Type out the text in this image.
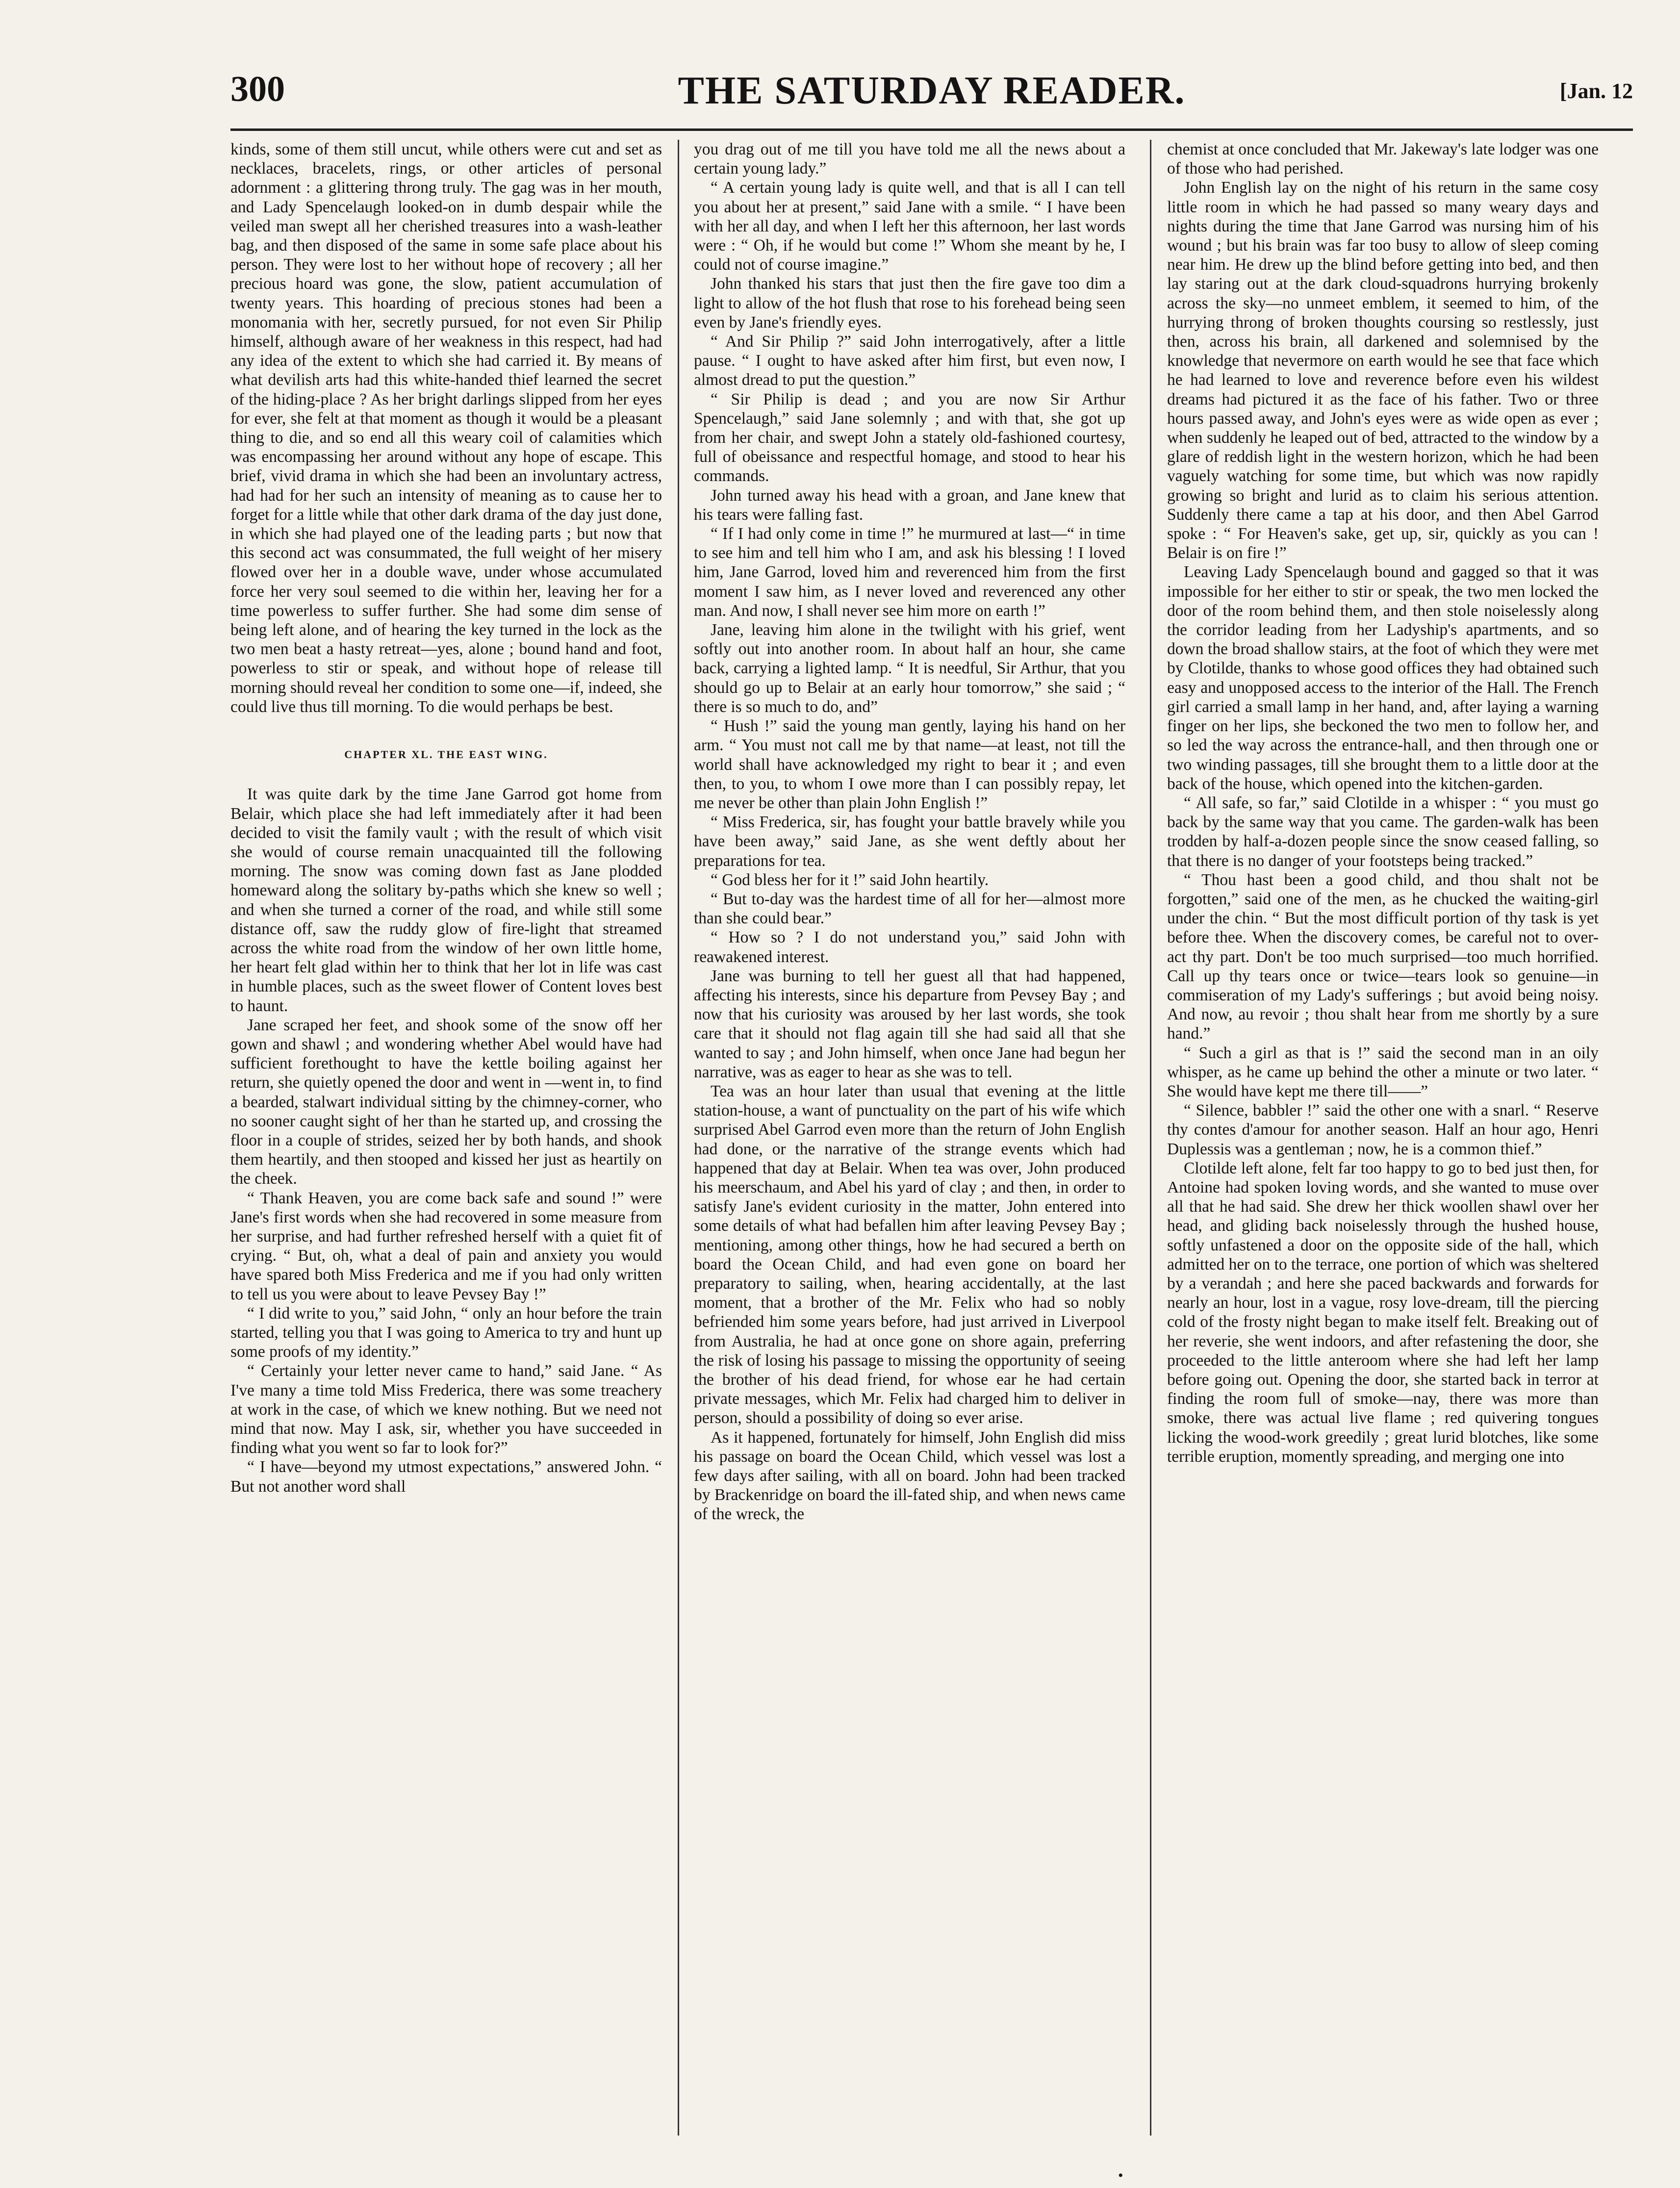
300	THE SATURDAY READER.	[Jan. 12

kinds, some of them still uncut, while others were cut and set as necklaces, bracelets, rings, or other articles of personal adornment : a glittering throng truly. The gag was in her mouth, and Lady Spencelaugh looked-on in dumb despair while the veiled man swept all her cherished treasures into a wash-leather bag, and then disposed of the same in some safe place about his person. They were lost to her without hope of recovery ; all her precious hoard was gone, the slow, patient accumulation of twenty years. This hoarding of precious stones had been a monomania with her, secretly pursued, for not even Sir Philip himself, although aware of her weakness in this respect, had had any idea of the extent to which she had carried it. By means of what devilish arts had this white-handed thief learned the secret of the hiding-place ? As her bright darlings slipped from her eyes for ever, she felt at that moment as though it would be a pleasant thing to die, and so end all this weary coil of calamities which was encompassing her around without any hope of escape. This brief, vivid drama in which she had been an involuntary actress, had had for her such an intensity of meaning as to cause her to forget for a little while that other dark drama of the day just done, in which she had played one of the leading parts ; but now that this second act was consummated, the full weight of her misery flowed over her in a double wave, under whose accumulated force her very soul seemed to die within her, leaving her for a time powerless to suffer further. She had some dim sense of being left alone, and of hearing the key turned in the lock as the two men beat a hasty retreat—yes, alone ; bound hand and foot, powerless to stir or speak, and without hope of release till morning should reveal her condition to some one—if, indeed, she could live thus till morning. To die would perhaps be best.

CHAPTER XL. THE EAST WING.

It was quite dark by the time Jane Garrod got home from Belair, which place she had left immediately after it had been decided to visit the family vault ; with the result of which visit she would of course remain unacquainted till the following morning. The snow was coming down fast as Jane plodded homeward along the solitary by-paths which she knew so well ; and when she turned a corner of the road, and while still some distance off, saw the ruddy glow of fire-light that streamed across the white road from the window of her own little home, her heart felt glad within her to think that her lot in life was cast in humble places, such as the sweet flower of Content loves best to haunt.

Jane scraped her feet, and shook some of the snow off her gown and shawl ; and wondering whether Abel would have had sufficient forethought to have the kettle boiling against her return, she quietly opened the door and went in —went in, to find a bearded, stalwart individual sitting by the chimney-corner, who no sooner caught sight of her than he started up, and crossing the floor in a couple of strides, seized her by both hands, and shook them heartily, and then stooped and kissed her just as heartily on the cheek.

“ Thank Heaven, you are come back safe and sound !” were Jane's first words when she had recovered in some measure from her surprise, and had further refreshed herself with a quiet fit of crying. “ But, oh, what a deal of pain and anxiety you would have spared both Miss Frederica and me if you had only written to tell us you were about to leave Pevsey Bay !”

“ I did write to you,” said John, “ only an hour before the train started, telling you that I was going to America to try and hunt up some proofs of my identity.”

“ Certainly your letter never came to hand,” said Jane. “ As I've many a time told Miss Frederica, there was some treachery at work in the case, of which we knew nothing. But we need not mind that now. May I ask, sir, whether you have succeeded in finding what you went so far to look for?”

“ I have—beyond my utmost expectations,” answered John. “ But not another word shall

you drag out of me till you have told me all the news about a certain young lady.”

“ A certain young lady is quite well, and that is all I can tell you about her at present,” said Jane with a smile. “ I have been with her all day, and when I left her this afternoon, her last words were : “ Oh, if he would but come !” Whom she meant by he, I could not of course imagine.”

John thanked his stars that just then the fire gave too dim a light to allow of the hot flush that rose to his forehead being seen even by Jane's friendly eyes.

“ And Sir Philip ?” said John interrogatively, after a little pause. “ I ought to have asked after him first, but even now, I almost dread to put the question.”

“ Sir Philip is dead ; and you are now Sir Arthur Spencelaugh,” said Jane solemnly ; and with that, she got up from her chair, and swept John a stately old-fashioned courtesy, full of obeissance and respectful homage, and stood to hear his commands.

John turned away his head with a groan, and Jane knew that his tears were falling fast.

“ If I had only come in time !” he murmured at last—“ in time to see him and tell him who I am, and ask his blessing ! I loved him, Jane Garrod, loved him and reverenced him from the first moment I saw him, as I never loved and reverenced any other man. And now, I shall never see him more on earth !”

Jane, leaving him alone in the twilight with his grief, went softly out into another room. In about half an hour, she came back, carrying a lighted lamp. “ It is needful, Sir Arthur, that you should go up to Belair at an early hour tomorrow,” she said ; “ there is so much to do, and”

“ Hush !” said the young man gently, laying his hand on her arm. “ You must not call me by that name—at least, not till the world shall have acknowledged my right to bear it ; and even then, to you, to whom I owe more than I can possibly repay, let me never be other than plain John English !”

“ Miss Frederica, sir, has fought your battle bravely while you have been away,” said Jane, as she went deftly about her preparations for tea.

“ God bless her for it !” said John heartily.

“ But to-day was the hardest time of all for her—almost more than she could bear.”

“ How so ? I do not understand you,” said John with reawakened interest.

Jane was burning to tell her guest all that had happened, affecting his interests, since his departure from Pevsey Bay ; and now that his curiosity was aroused by her last words, she took care that it should not flag again till she had said all that she wanted to say ; and John himself, when once Jane had begun her narrative, was as eager to hear as she was to tell.

Tea was an hour later than usual that evening at the little station-house, a want of punctuality on the part of his wife which surprised Abel Garrod even more than the return of John English had done, or the narrative of the strange events which had happened that day at Belair. When tea was over, John produced his meerschaum, and Abel his yard of clay ; and then, in order to satisfy Jane's evident curiosity in the matter, John entered into some details of what had befallen him after leaving Pevsey Bay ; mentioning, among other things, how he had secured a berth on board the Ocean Child, and had even gone on board her preparatory to sailing, when, hearing accidentally, at the last moment, that a brother of the Mr. Felix who had so nobly befriended him some years before, had just arrived in Liverpool from Australia, he had at once gone on shore again, preferring the risk of losing his passage to missing the opportunity of seeing the brother of his dead friend, for whose ear he had certain private messages, which Mr. Felix had charged him to deliver in person, should a possibility of doing so ever arise.

As it happened, fortunately for himself, John English did miss his passage on board the Ocean Child, which vessel was lost a few days after sailing, with all on board. John had been tracked by Brackenridge on board the ill-fated ship, and when news came of the wreck, the

chemist at once concluded that Mr. Jakeway's late lodger was one of those who had perished.

John English lay on the night of his return in the same cosy little room in which he had passed so many weary days and nights during the time that Jane Garrod was nursing him of his wound ; but his brain was far too busy to allow of sleep coming near him. He drew up the blind before getting into bed, and then lay staring out at the dark cloud-squadrons hurrying brokenly across the sky—no unmeet emblem, it seemed to him, of the hurrying throng of broken thoughts coursing so restlessly, just then, across his brain, all darkened and solemnised by the knowledge that nevermore on earth would he see that face which he had learned to love and reverence before even his wildest dreams had pictured it as the face of his father. Two or three hours passed away, and John's eyes were as wide open as ever ; when suddenly he leaped out of bed, attracted to the window by a glare of reddish light in the western horizon, which he had been vaguely watching for some time, but which was now rapidly growing so bright and lurid as to claim his serious attention. Suddenly there came a tap at his door, and then Abel Garrod spoke : “ For Heaven's sake, get up, sir, quickly as you can ! Belair is on fire !”

Leaving Lady Spencelaugh bound and gagged so that it was impossible for her either to stir or speak, the two men locked the door of the room behind them, and then stole noiselessly along the corridor leading from her Ladyship's apartments, and so down the broad shallow stairs, at the foot of which they were met by Clotilde, thanks to whose good offices they had obtained such easy and unopposed access to the interior of the Hall. The French girl carried a small lamp in her hand, and, after laying a warning finger on her lips, she beckoned the two men to follow her, and so led the way across the entrance-hall, and then through one or two winding passages, till she brought them to a little door at the back of the house, which opened into the kitchen-garden.

“ All safe, so far,” said Clotilde in a whisper : “ you must go back by the same way that you came. The garden-walk has been trodden by half-a-dozen people since the snow ceased falling, so that there is no danger of your footsteps being tracked.”

“ Thou hast been a good child, and thou shalt not be forgotten,” said one of the men, as he chucked the waiting-girl under the chin. “ But the most difficult portion of thy task is yet before thee. When the discovery comes, be careful not to over-act thy part. Don't be too much surprised—too much horrified. Call up thy tears once or twice—tears look so genuine—in commiseration of my Lady's sufferings ; but avoid being noisy. And now, au revoir ; thou shalt hear from me shortly by a sure hand.”

“ Such a girl as that is !” said the second man in an oily whisper, as he came up behind the other a minute or two later. “ She would have kept me there till——”

“ Silence, babbler !” said the other one with a snarl. “ Reserve thy contes d'amour for another season. Half an hour ago, Henri Duplessis was a gentleman ; now, he is a common thief.”

Clotilde left alone, felt far too happy to go to bed just then, for Antoine had spoken loving words, and she wanted to muse over all that he had said. She drew her thick woollen shawl over her head, and gliding back noiselessly through the hushed house, softly unfastened a door on the opposite side of the hall, which admitted her on to the terrace, one portion of which was sheltered by a verandah ; and here she paced backwards and forwards for nearly an hour, lost in a vague, rosy love-dream, till the piercing cold of the frosty night began to make itself felt. Breaking out of her reverie, she went indoors, and after refastening the door, she proceeded to the little anteroom where she had left her lamp before going out. Opening the door, she started back in terror at finding the room full of smoke—nay, there was more than smoke, there was actual live flame ; red quivering tongues licking the wood-work greedily ; great lurid blotches, like some terrible eruption, momently spreading, and merging one into

•
